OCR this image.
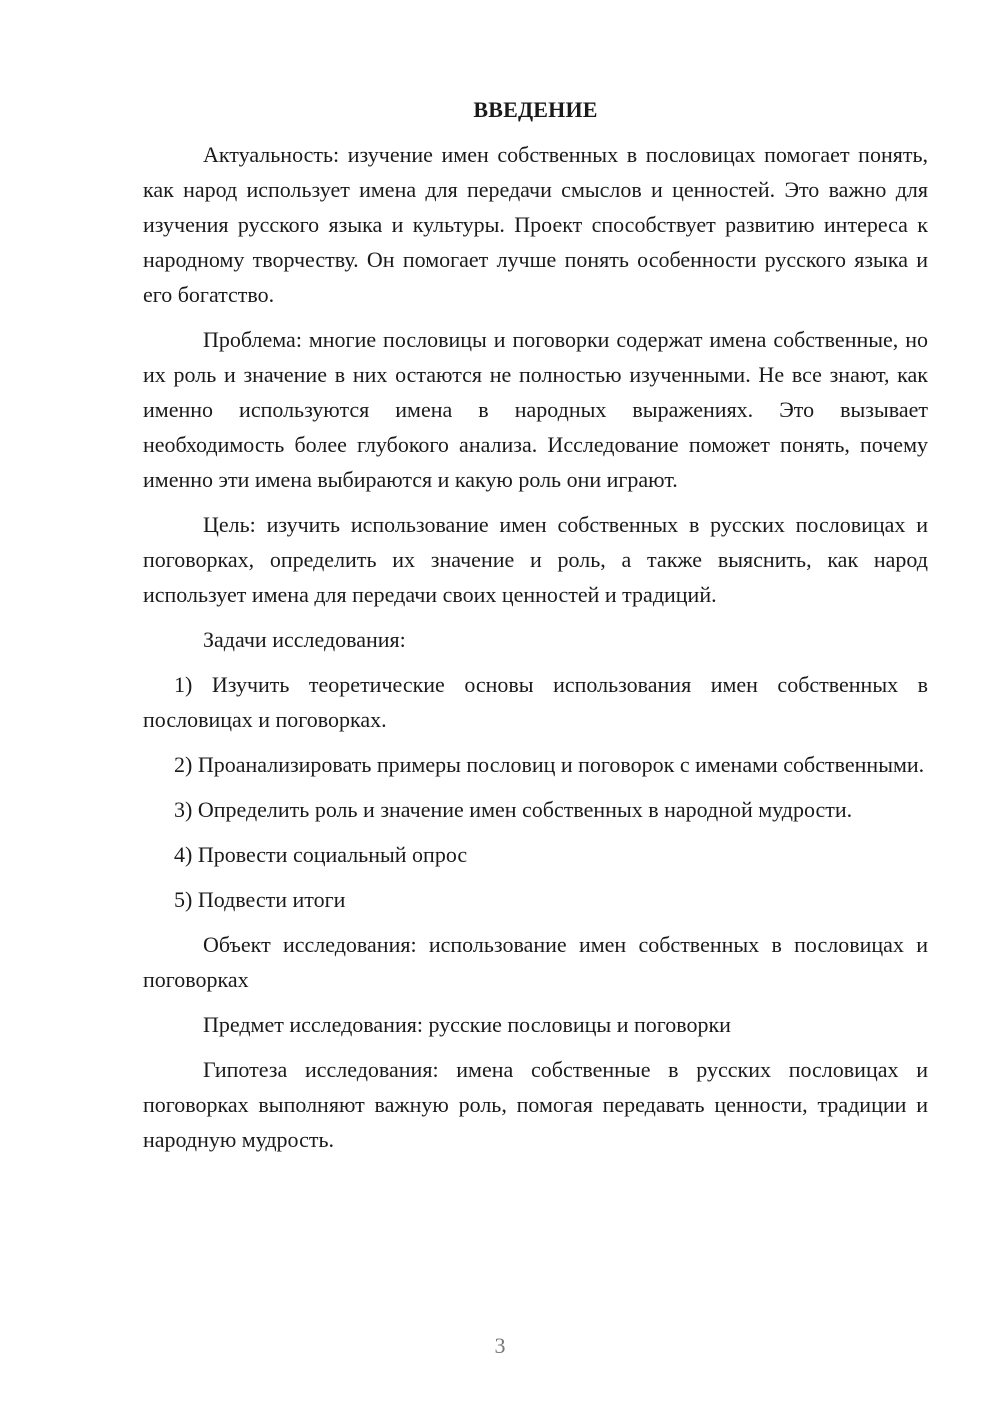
ВВЕДЕНИЕ

Актуальность: изучение имен собственных в пословицах помогает понять, как народ использует имена для передачи смыслов и ценностей. Это важно для изучения русского языка и культуры. Проект способствует развитию интереса к народному творчеству. Он помогает лучше понять особенности русского языка и его богатство.

Проблема: многие пословицы и поговорки содержат имена собственные, но их роль и значение в них остаются не полностью изученными. Не все знают, как именно используются имена в народных выражениях. Это вызывает необходимость более глубокого анализа. Исследование поможет понять, почему именно эти имена выбираются и какую роль они играют.

Цель: изучить использование имен собственных в русских пословицах и поговорках, определить их значение и роль, а также выяснить, как народ использует имена для передачи своих ценностей и традиций.

Задачи исследования:

1) Изучить теоретические основы использования имен собственных в пословицах и поговорках.

2) Проанализировать примеры пословиц и поговорок с именами собственными.

3) Определить роль и значение имен собственных в народной мудрости.

4) Провести социальный опрос

5) Подвести итоги

Объект исследования: использование имен собственных в пословицах и поговорках

Предмет исследования: русские пословицы и поговорки

Гипотеза исследования: имена собственные в русских пословицах и поговорках выполняют важную роль, помогая передавать ценности, традиции и народную мудрость.

3
